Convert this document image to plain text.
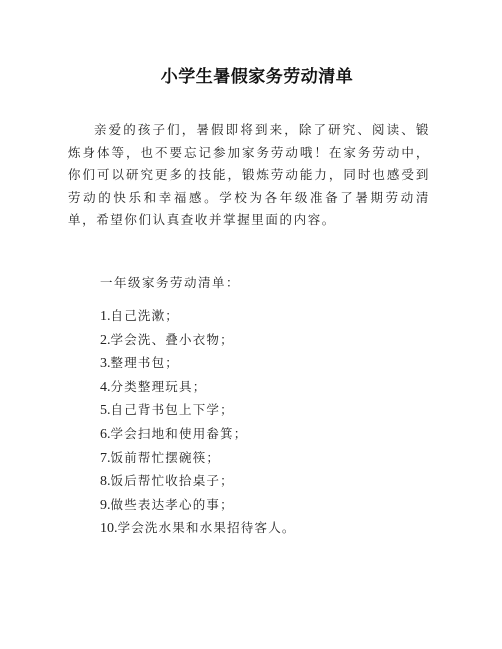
小学生暑假家务劳动清单

亲爱的孩子们，暑假即将到来，除了研究、阅读、锻炼身体等，也不要忘记参加家务劳动哦！在家务劳动中，你们可以研究更多的技能，锻炼劳动能力，同时也感受到劳动的快乐和幸福感。学校为各年级准备了暑期劳动清单，希望你们认真查收并掌握里面的内容。

一年级家务劳动清单：

1.自己洗漱；
2.学会洗、叠小衣物；
3.整理书包；
4.分类整理玩具；
5.自己背书包上下学；
6.学会扫地和使用畚箕；
7.饭前帮忙摆碗筷；
8.饭后帮忙收拾桌子；
9.做些表达孝心的事；
10.学会洗水果和水果招待客人。
